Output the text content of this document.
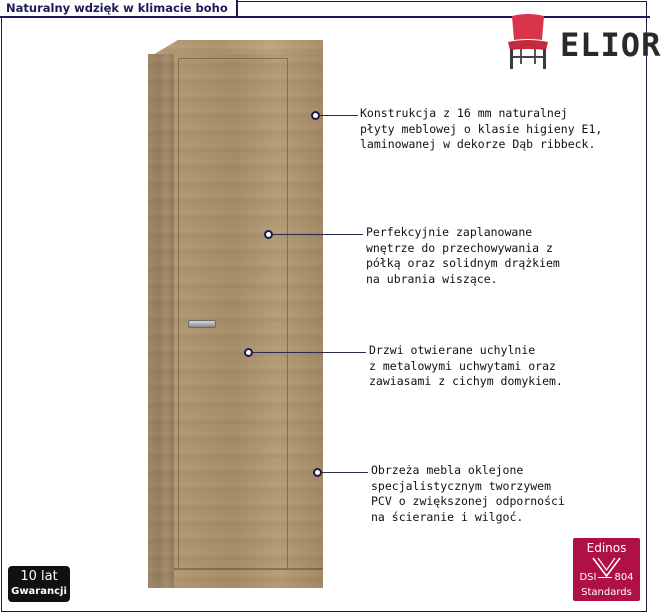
Naturalny wdzięk w klimacie boho
ELIOR
Konstrukcja z 16 mm naturalnej
płyty meblowej o klasie higieny E1,
laminowanej w dekorze Dąb ribbeck.
Perfekcyjnie zaplanowane
wnętrze do przechowywania z
półką oraz solidnym drążkiem
na ubrania wiszące.
Drzwi otwierane uchylnie
z metalowymi uchwytami oraz
zawiasami z cichym domykiem.
Obrzeża mebla oklejone
specjalistycznym tworzywem
PCV o zwiększonej odporności
na ścieranie i wilgoć.
10 lat
Gwarancji
Edinos
DSI 804
Standards
